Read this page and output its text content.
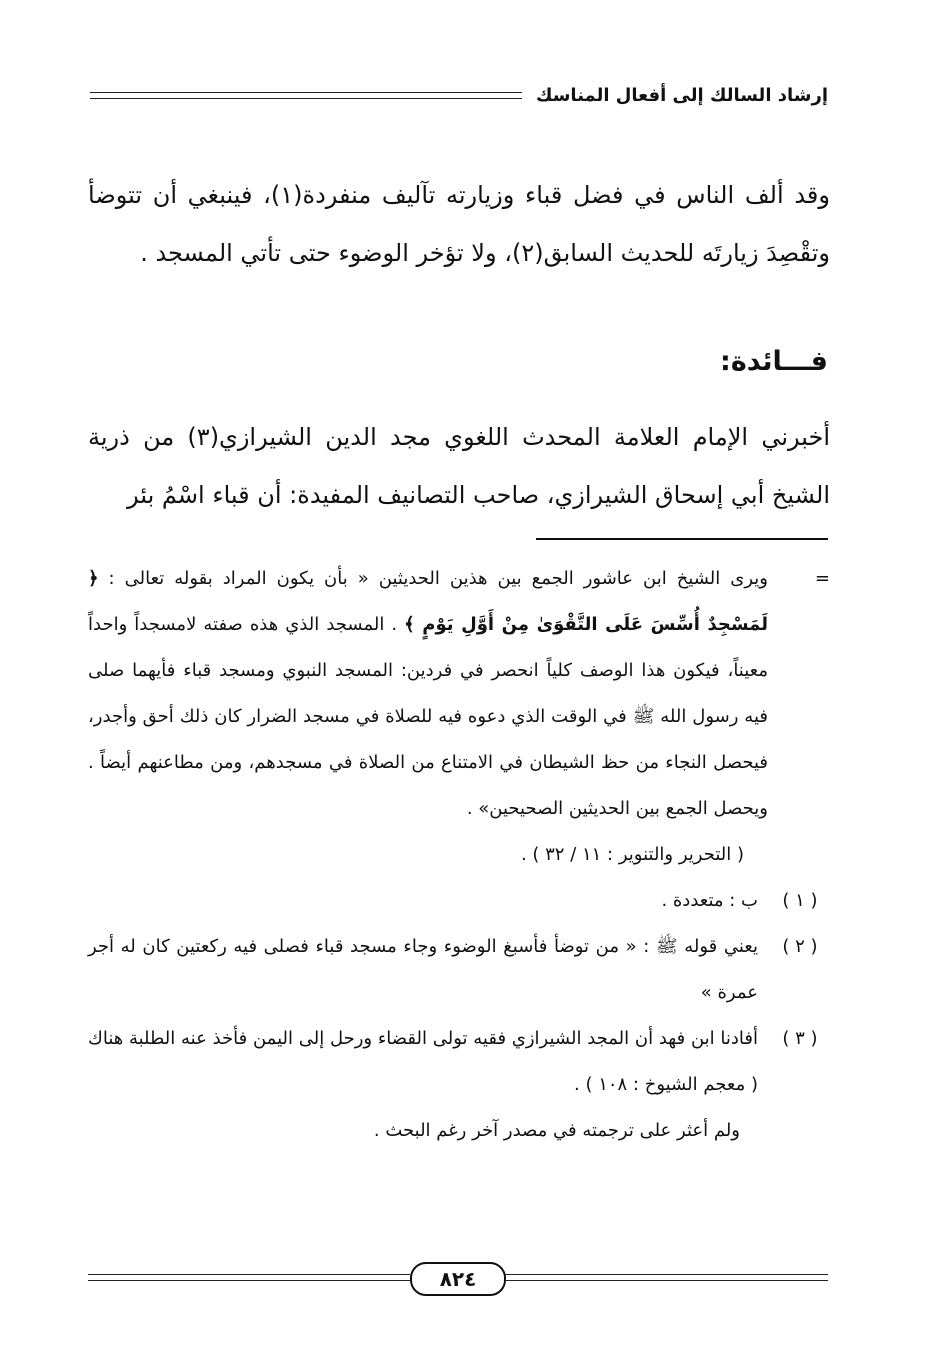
إرشاد السالك إلى أفعال المناسك

وقد ألف الناس في فضل قباء وزيارته تآليف منفردة(١)، فينبغي أن تتوضأ وتقْصِدَ زيارتَه للحديث السابق(٢)، ولا تؤخر الوضوء حتى تأتي المسجد .

فـــائدة:

أخبرني الإمام العلامة المحدث اللغوي مجد الدين الشيرازي(٣) من ذرية الشيخ أبي إسحاق الشيرازي، صاحب التصانيف المفيدة: أن قباء اسْمُ بئر

=
ويرى الشيخ ابن عاشور الجمع بين هذين الحديثين « بأن يكون المراد بقوله تعالى : ﴿ لَمَسْجِدٌ أُسِّسَ عَلَى التَّقْوَىٰ مِنْ أَوَّلِ يَوْمٍ ﴾ . المسجد الذي هذه صفته لامسجداً واحداً معيناً، فيكون هذا الوصف كلياً انحصر في فردين: المسجد النبوي ومسجد قباء فأيهما صلى فيه رسول الله ﷺ في الوقت الذي دعوه فيه للصلاة في مسجد الضرار كان ذلك أحق وأجدر، فيحصل النجاء من حظ الشيطان في الامتناع من الصلاة في مسجدهم، ومن مطاعنهم أيضاً . ويحصل الجمع بين الحديثين الصحيحين» .

( التحرير والتنوير : ١١ / ٣٢ ) .

( ١ )
ب : متعددة .

( ٢ )
يعني قوله ﷺ : « من توضأ فأسبغ الوضوء وجاء مسجد قباء فصلى فيه ركعتين كان له أجر عمرة »

( ٣ )
أفادنا ابن فهد أن المجد الشيرازي فقيه تولى القضاء ورحل إلى اليمن فأخذ عنه الطلبة هناك ( معجم الشيوخ : ١٠٨ ) .

ولم أعثر على ترجمته في مصدر آخر رغم البحث .

٨٢٤
